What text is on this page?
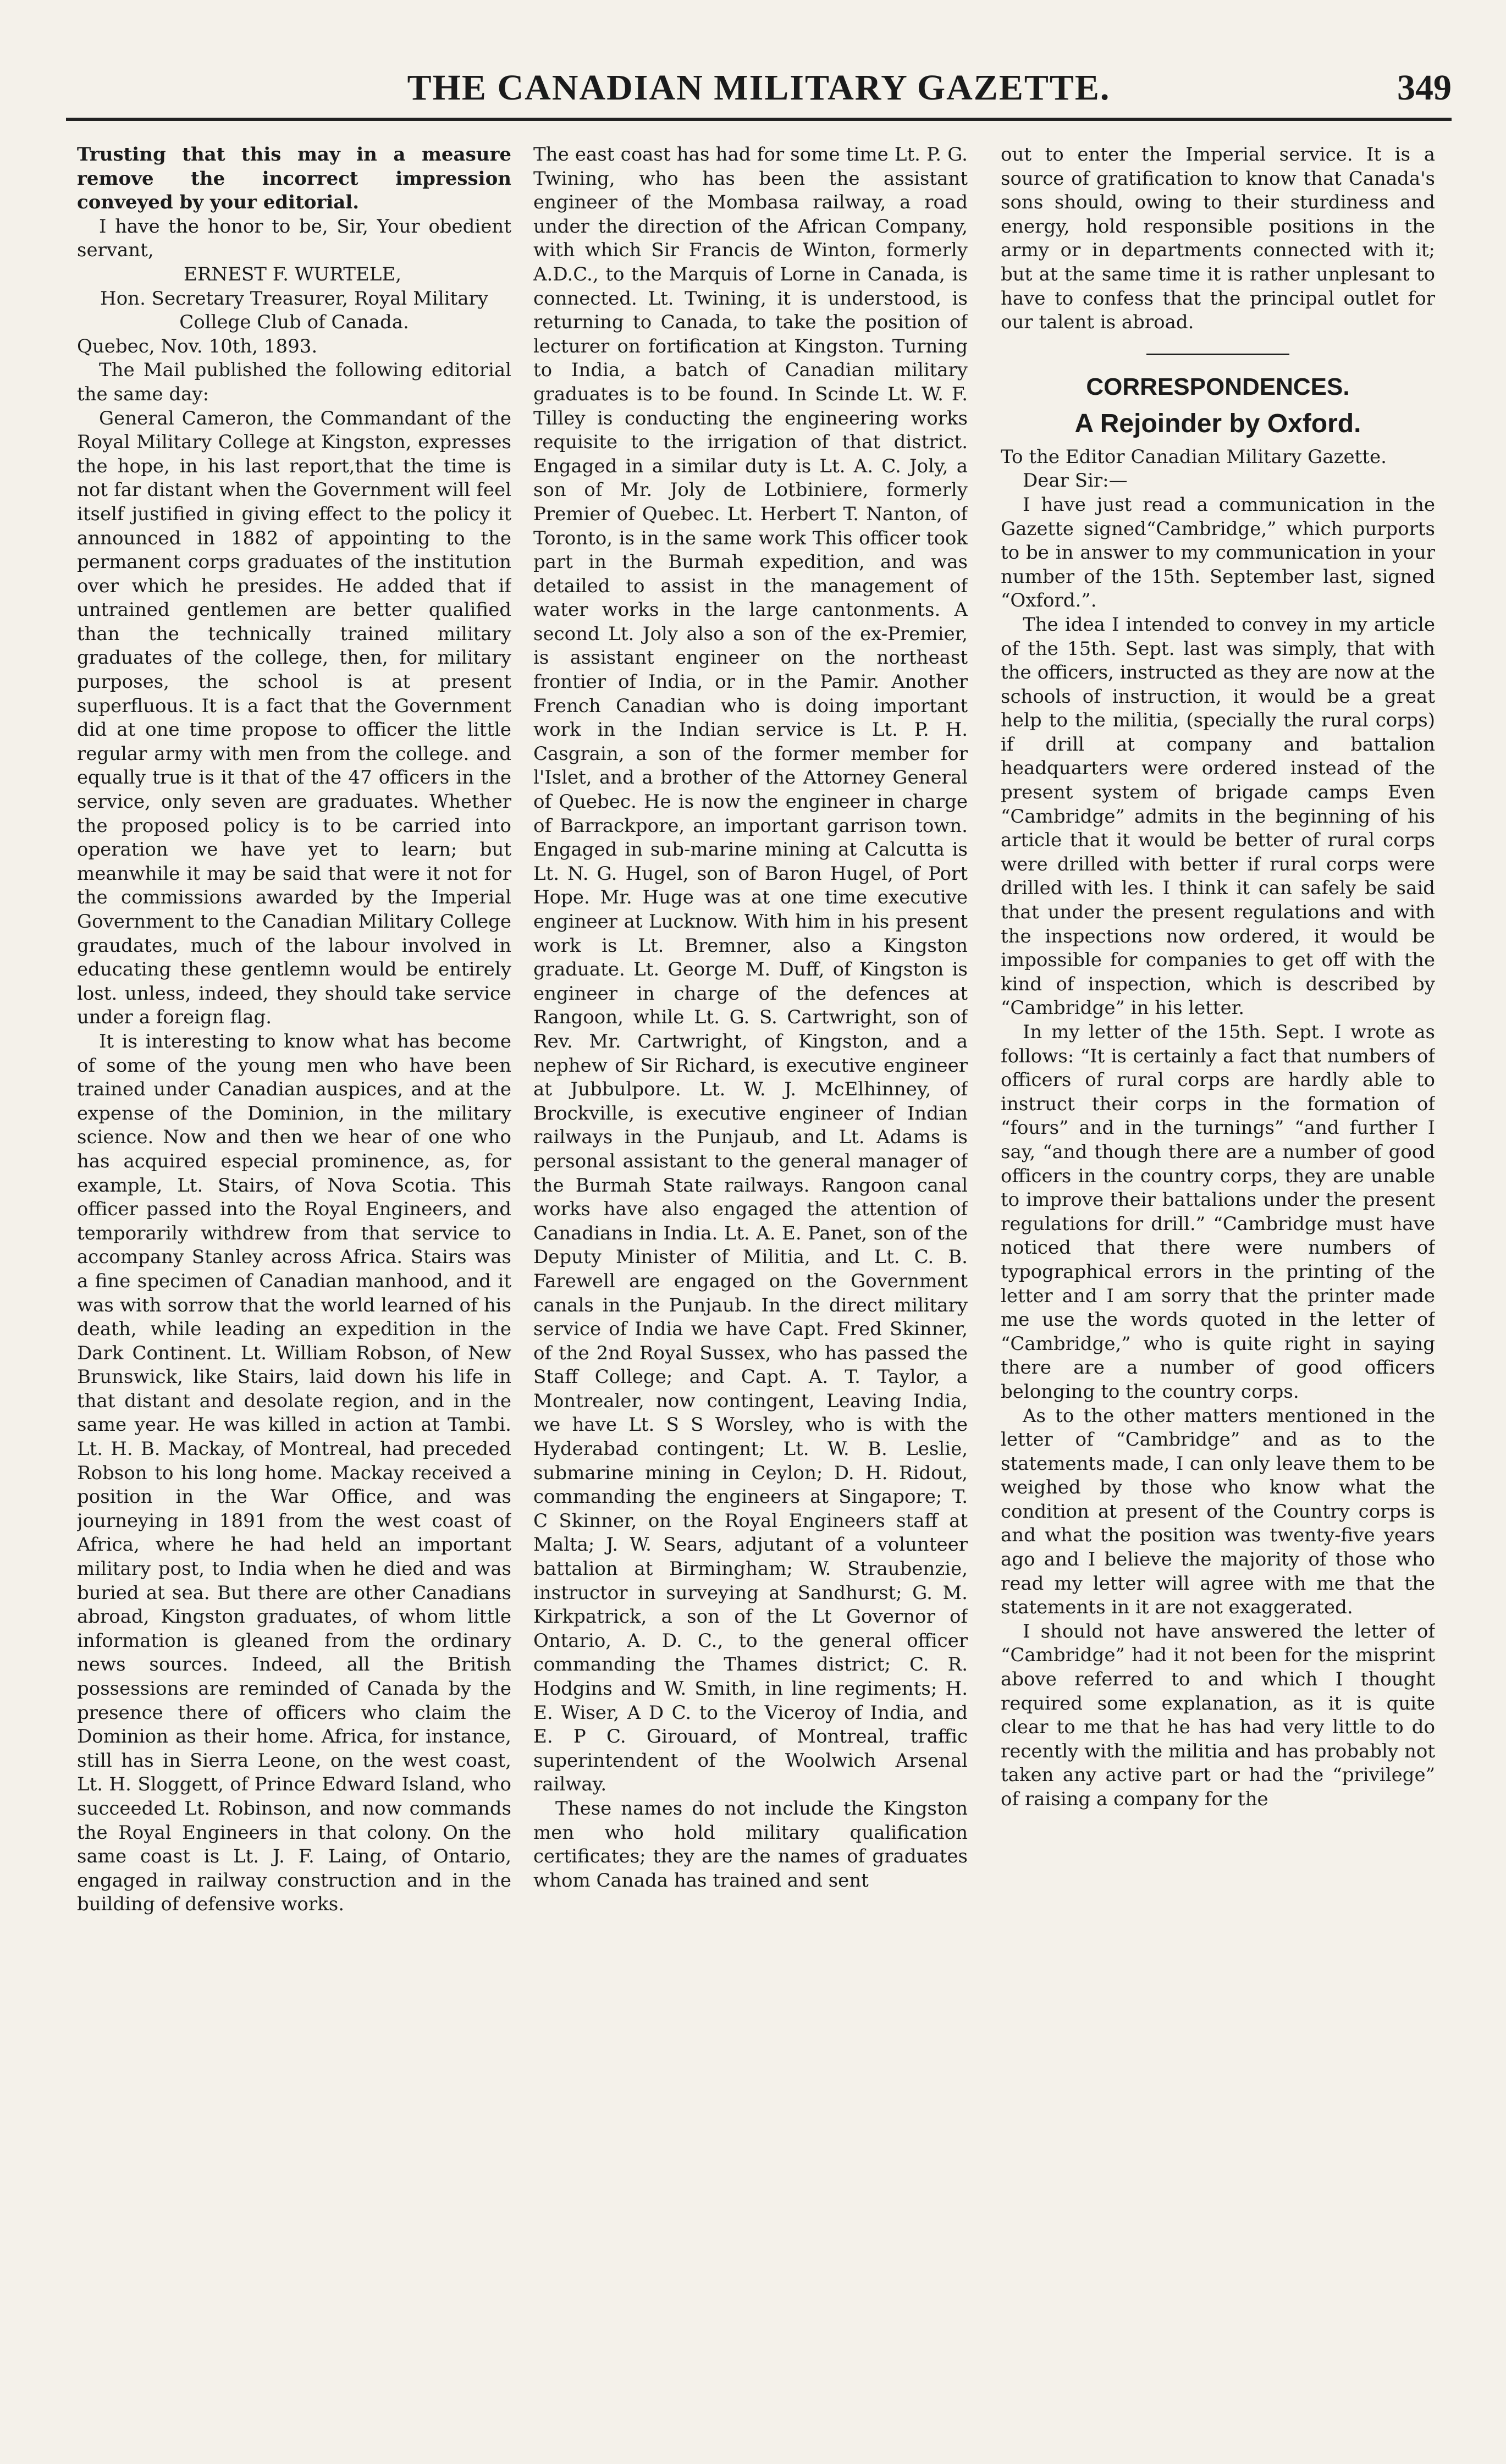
THE CANADIAN MILITARY GAZETTE.	349

Trusting that this may in a measure remove the incorrect impression conveyed by your editorial.

I have the honor to be, Sir, Your obedient servant,

ERNEST F. WURTELE,

Hon. Secretary Treasurer, Royal Military College Club of Canada.

Quebec, Nov. 10th, 1893.

The Mail published the following editorial the same day:

General Cameron, the Commandant of the Royal Military College at Kingston, expresses the hope, in his last report,that the time is not far distant when the Government will feel itself justified in giving effect to the policy it announced in 1882 of appointing to the permanent corps graduates of the institution over which he presides. He added that if untrained gentlemen are better qualified than the technically trained military graduates of the college, then, for military purposes, the school is at present superfluous. It is a fact that the Government did at one time propose to officer the little regular army with men from the college. and equally true is it that of the 47 officers in the service, only seven are graduates. Whether the proposed policy is to be carried into operation we have yet to learn; but meanwhile it may be said that were it not for the commissions awarded by the Imperial Government to the Canadian Military College graudates, much of the labour involved in educating these gentlemn would be entirely lost. unless, indeed, they should take service under a foreign flag.

It is interesting to know what has become of some of the young men who have been trained under Canadian auspices, and at the expense of the Dominion, in the military science. Now and then we hear of one who has acquired especial prominence, as, for example, Lt. Stairs, of Nova Scotia. This officer passed into the Royal Engineers, and temporarily withdrew from that service to accompany Stanley across Africa. Stairs was a fine specimen of Canadian manhood, and it was with sorrow that the world learned of his death, while leading an expedition in the Dark Continent. Lt. William Robson, of New Brunswick, like Stairs, laid down his life in that distant and desolate region, and in the same year. He was killed in action at Tambi. Lt. H. B. Mackay, of Montreal, had preceded Robson to his long home. Mackay received a position in the War Office, and was journeying in 1891 from the west coast of Africa, where he had held an important military post, to India when he died and was buried at sea. But there are other Canadians abroad, Kingston graduates, of whom little information is gleaned from the ordinary news sources. Indeed, all the British possessions are reminded of Canada by the presence there of officers who claim the Dominion as their home. Africa, for instance, still has in Sierra Leone, on the west coast, Lt. H. Sloggett, of Prince Edward Island, who succeeded Lt. Robinson, and now commands the Royal Engineers in that colony. On the same coast is Lt. J. F. Laing, of Ontario, engaged in railway construction and in the building of defensive works.

The east coast has had for some time Lt. P. G. Twining, who has been the assistant engineer of the Mombasa railway, a road under the direction of the African Company, with which Sir Francis de Winton, formerly A.D.C., to the Marquis of Lorne in Canada, is connected. Lt. Twining, it is understood, is returning to Canada, to take the position of lecturer on fortification at Kingston. Turning to India, a batch of Canadian military graduates is to be found. In Scinde Lt. W. F. Tilley is conducting the engineering works requisite to the irrigation of that district. Engaged in a similar duty is Lt. A. C. Joly, a son of Mr. Joly de Lotbiniere, formerly Premier of Quebec. Lt. Herbert T. Nanton, of Toronto, is in the same work This officer took part in the Burmah expedition, and was detailed to assist in the management of water works in the large cantonments. A second Lt. Joly also a son of the ex-Premier, is assistant engineer on the northeast frontier of India, or in the Pamir. Another French Canadian who is doing important work in the Indian service is Lt. P. H. Casgrain, a son of the former member for l'Islet, and a brother of the Attorney General of Quebec. He is now the engineer in charge of Barrackpore, an important garrison town. Engaged in sub-marine mining at Calcutta is Lt. N. G. Hugel, son of Baron Hugel, of Port Hope. Mr. Huge was at one time executive engineer at Lucknow. With him in his present work is Lt. Bremner, also a Kingston graduate. Lt. George M. Duff, of Kingston is engineer in charge of the defences at Rangoon, while Lt. G. S. Cartwright, son of Rev. Mr. Cartwright, of Kingston, and a nephew of Sir Richard, is executive engineer at Jubbulpore. Lt. W. J. McElhinney, of Brockville, is executive engineer of Indian railways in the Punjaub, and Lt. Adams is personal assistant to the general manager of the Burmah State railways. Rangoon canal works have also engaged the attention of Canadians in India. Lt. A. E. Panet, son of the Deputy Minister of Militia, and Lt. C. B. Farewell are engaged on the Government canals in the Punjaub. In the direct military service of India we have Capt. Fred Skinner, of the 2nd Royal Sussex, who has passed the Staff College; and Capt. A. T. Taylor, a Montrealer, now contingent, Leaving India, we have Lt. S S Worsley, who is with the Hyderabad contingent; Lt. W. B. Leslie, submarine mining in Ceylon; D. H. Ridout, commanding the engineers at Singapore; T. C Skinner, on the Royal Engineers staff at Malta; J. W. Sears, adjutant of a volunteer battalion at Birmingham; W. Straubenzie, instructor in surveying at Sandhurst; G. M. Kirkpatrick, a son of the Lt Governor of Ontario, A. D. C., to the general officer commanding the Thames district; C. R. Hodgins and W. Smith, in line regiments; H. E. Wiser, A D C. to the Viceroy of India, and E. P C. Girouard, of Montreal, traffic superintendent of the Woolwich Arsenal railway.

These names do not include the Kingston men who hold military qualification certificates; they are the names of graduates whom Canada has trained and sent

out to enter the Imperial service. It is a source of gratification to know that Canada's sons should, owing to their sturdiness and energy, hold responsible positions in the army or in departments connected with it; but at the same time it is rather unplesant to have to confess that the principal outlet for our talent is abroad.

CORRESPONDENCES.
A Rejoinder by Oxford.

To the Editor Canadian Military Gazette.

Dear Sir:—

I have just read a communication in the Gazette signed“Cambridge,” which purports to be in answer to my communication in your number of the 15th. September last, signed “Oxford.”.

The idea I intended to convey in my article of the 15th. Sept. last was simply, that with the officers, instructed as they are now at the schools of instruction, it would be a great help to the militia, (specially the rural corps) if drill at company and battalion headquarters were ordered instead of the present system of brigade camps Even “Cambridge” admits in the beginning of his article that it would be better of rural corps were drilled with better if rural corps were drilled with les. I think it can safely be said that under the present regulations and with the inspections now ordered, it would be impossible for companies to get off with the kind of inspection, which is described by “Cambridge” in his letter.

In my letter of the 15th. Sept. I wrote as follows: “It is certainly a fact that numbers of officers of rural corps are hardly able to instruct their corps in the formation of “fours” and in the turnings” “and further I say, “and though there are a number of good officers in the country corps, they are unable to improve their battalions under the present regulations for drill.” “Cambridge must have noticed that there were numbers of typographical errors in the printing of the letter and I am sorry that the printer made me use the words quoted in the letter of “Cambridge,” who is quite right in saying there are a number of good officers belonging to the country corps.

As to the other matters mentioned in the letter of “Cambridge” and as to the statements made, I can only leave them to be weighed by those who know what the condition at present of the Country corps is and what the position was twenty-five years ago and I believe the majority of those who read my letter will agree with me that the statements in it are not exaggerated.

I should not have answered the letter of “Cambridge” had it not been for the misprint above referred to and which I thought required some explanation, as it is quite clear to me that he has had very little to do recently with the militia and has probably not taken any active part or had the “privilege” of raising a company for the
